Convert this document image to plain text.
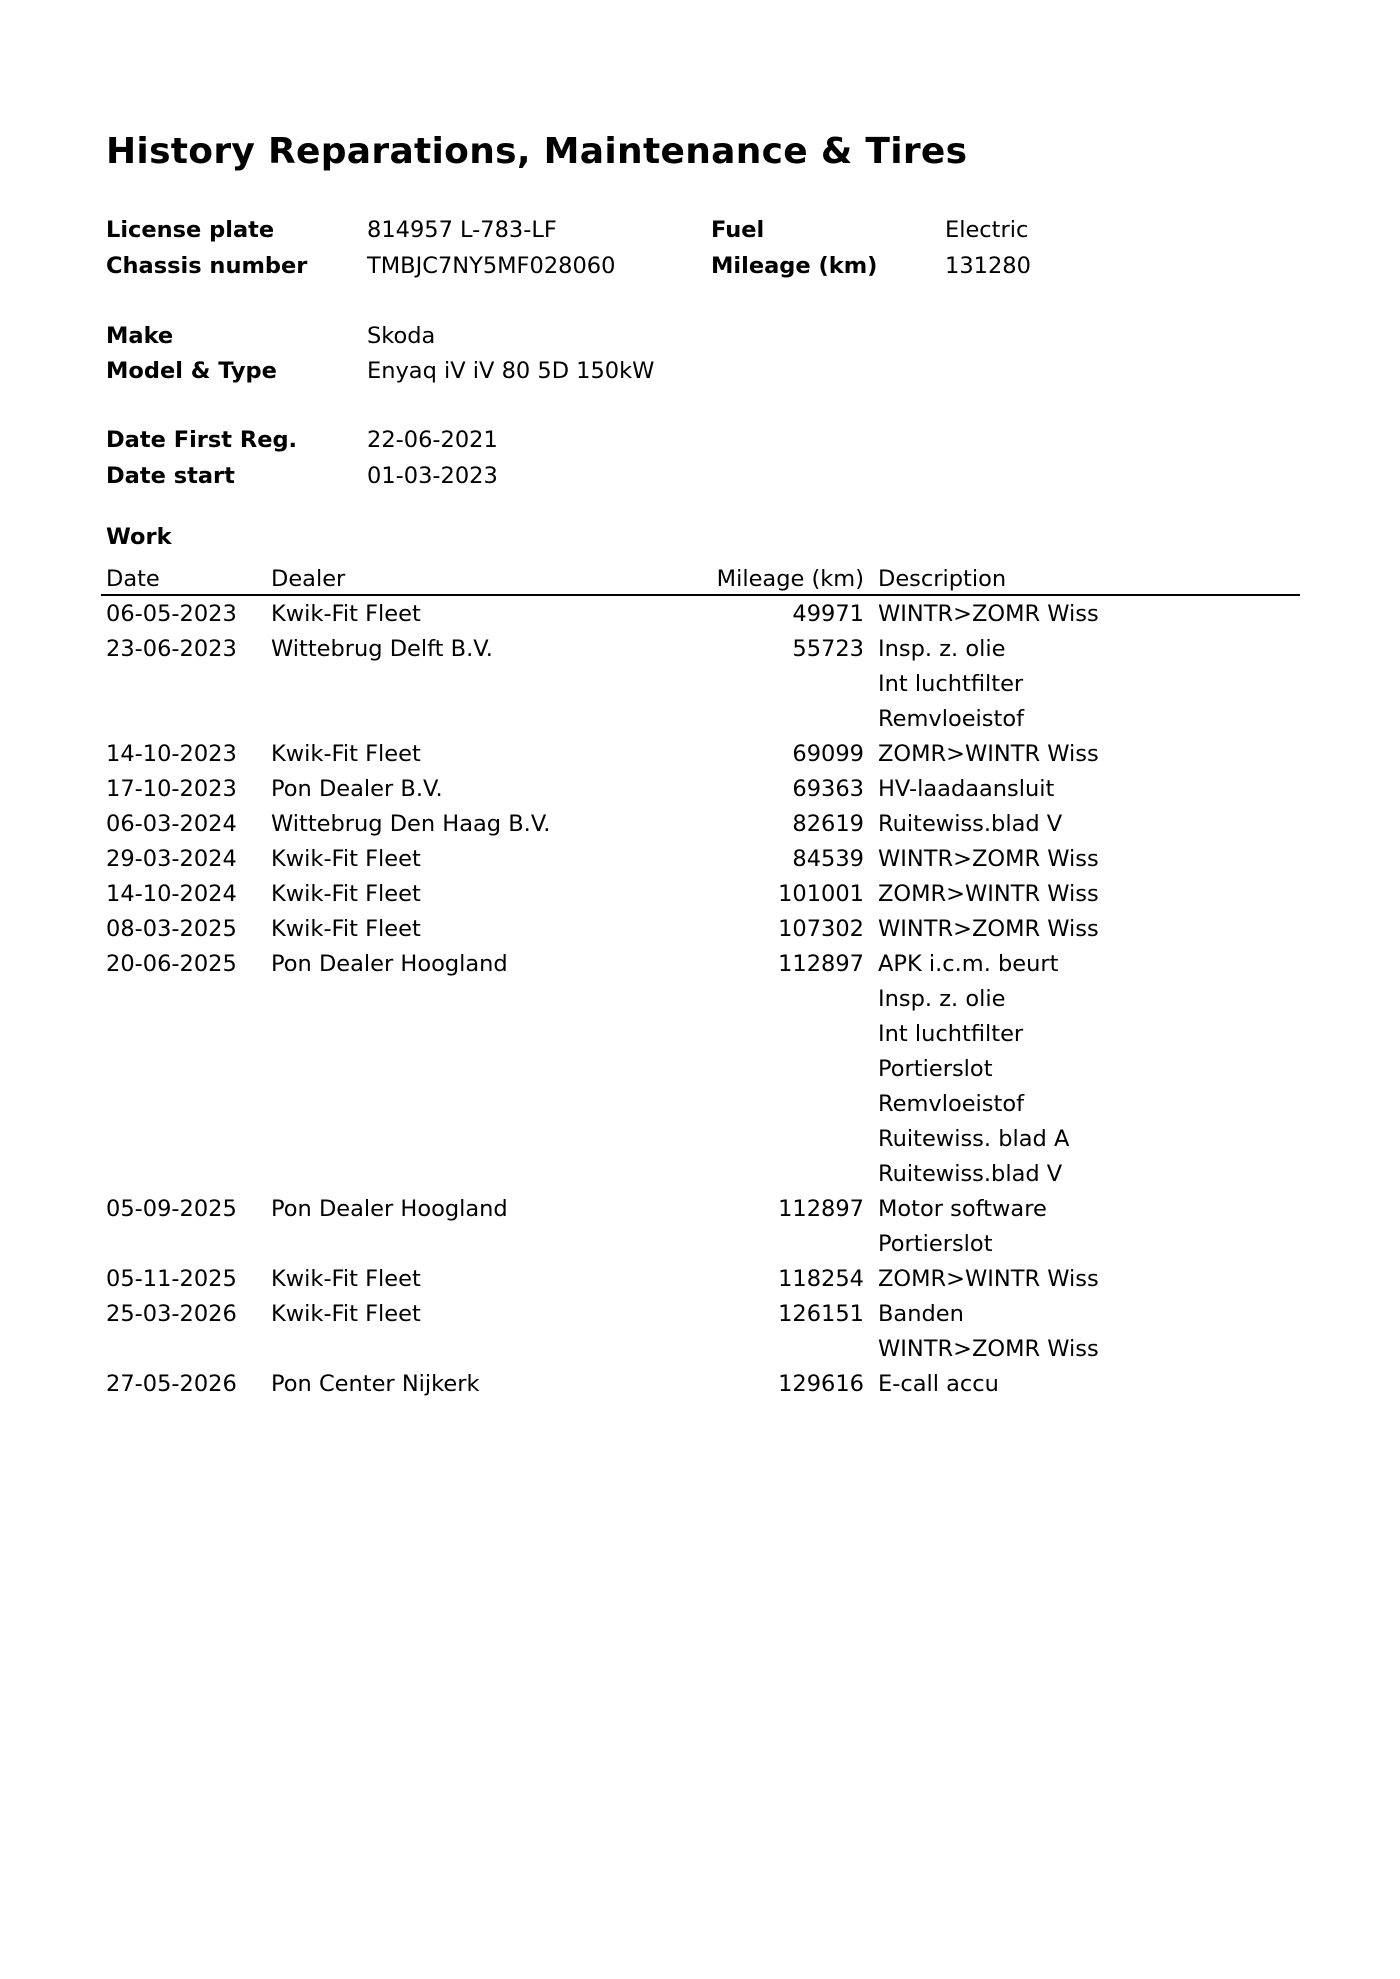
History Reparations, Maintenance & Tires
License plate	814957 L-783-LF	Fuel	Electric
Chassis number	TMBJC7NY5MF028060	Mileage (km)	131280
Make	Skoda
Model & Type	Enyaq iV iV 80 5D 150kW
Date First Reg.	22-06-2021
Date start	01-03-2023
Work
Date	Dealer	Mileage (km) Description
06-05-2023 Kwik-Fit Fleet	49971 WINTR>ZOMR Wiss
23-06-2023 Wittebrug Delft B.V.	55723 Insp. z. olie
Int luchtfilter
Remvloeistof
14-10-2023 Kwik-Fit Fleet	69099 ZOMR>WINTR Wiss
17-10-2023 Pon Dealer B.V.	69363 HV-laadaansluit
06-03-2024 Wittebrug Den Haag B.V.	82619 Ruitewiss.blad V
29-03-2024 Kwik-Fit Fleet	84539 WINTR>ZOMR Wiss
14-10-2024 Kwik-Fit Fleet	101001 ZOMR>WINTR Wiss
08-03-2025 Kwik-Fit Fleet	107302 WINTR>ZOMR Wiss
20-06-2025 Pon Dealer Hoogland	112897 APK i.c.m. beurt
Insp. z. olie
Int luchtfilter
Portierslot
Remvloeistof
Ruitewiss. blad A
Ruitewiss.blad V
05-09-2025 Pon Dealer Hoogland	112897 Motor software
Portierslot
05-11-2025 Kwik-Fit Fleet	118254 ZOMR>WINTR Wiss
25-03-2026 Kwik-Fit Fleet	126151 Banden
WINTR>ZOMR Wiss
27-05-2026 Pon Center Nijkerk	129616 E-call accu
